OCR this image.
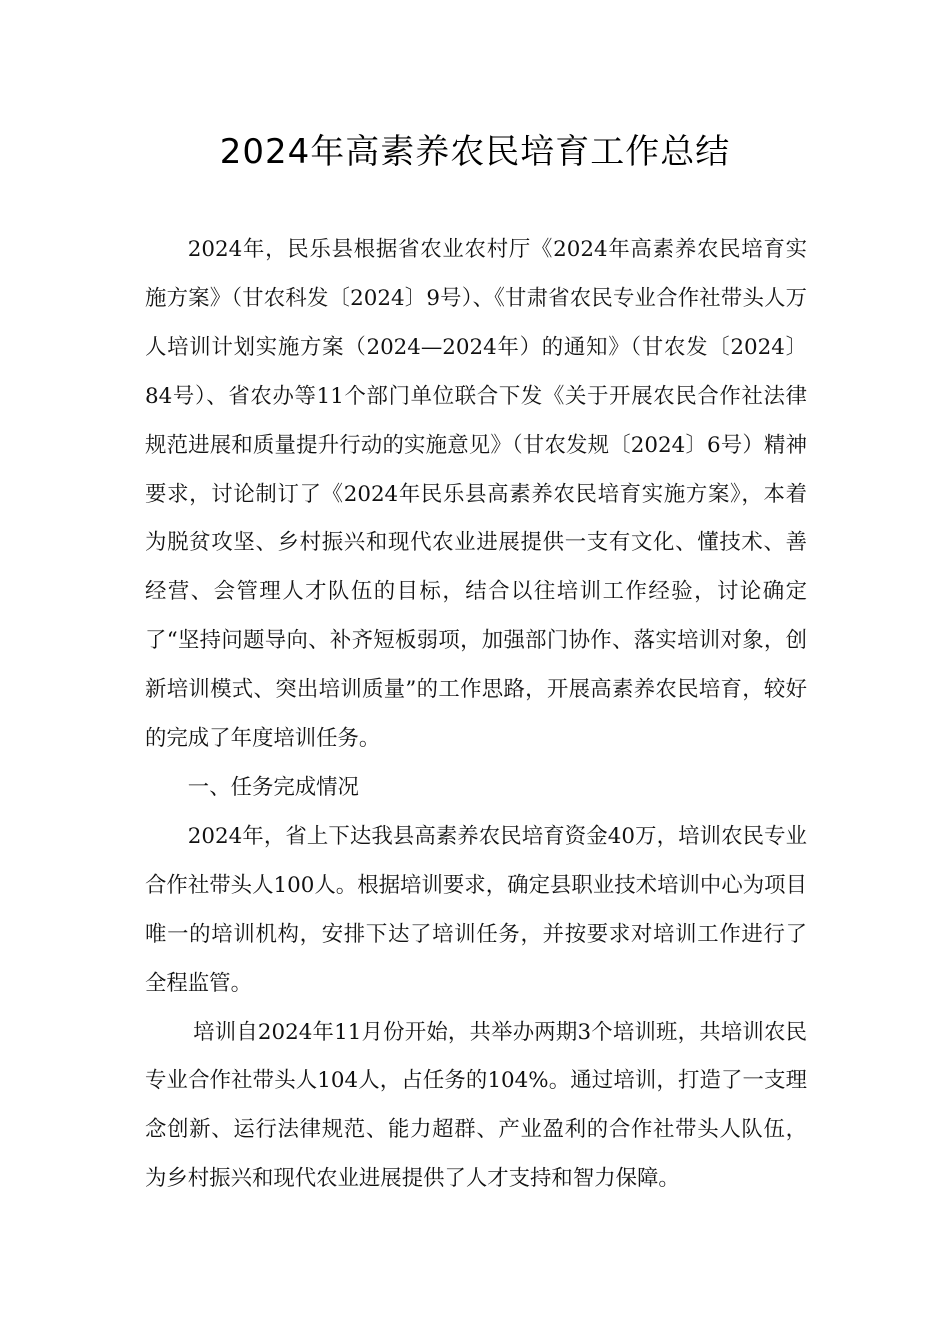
2024年高素养农民培育工作总结

2024年，民乐县根据省农业农村厅《2024年高素养农民培育实施方案》（甘农科发〔2024〕9号）、《甘肃省农民专业合作社带头人万人培训计划实施方案（2024—2024年）的通知》（甘农发〔2024〕84号）、省农办等11个部门单位联合下发《关于开展农民合作社法律规范进展和质量提升行动的实施意见》（甘农发规〔2024〕6号）精神要求，讨论制订了《2024年民乐县高素养农民培育实施方案》，本着为脱贫攻坚、乡村振兴和现代农业进展提供一支有文化、懂技术、善经营、会管理人才队伍的目标，结合以往培训工作经验，讨论确定了“坚持问题导向、补齐短板弱项，加强部门协作、落实培训对象，创新培训模式、突出培训质量”的工作思路，开展高素养农民培育，较好的完成了年度培训任务。

一、任务完成情况

2024年，省上下达我县高素养农民培育资金40万，培训农民专业合作社带头人100人。根据培训要求，确定县职业技术培训中心为项目唯一的培训机构，安排下达了培训任务，并按要求对培训工作进行了全程监管。

培训自2024年11月份开始，共举办两期3个培训班，共培训农民专业合作社带头人104人，占任务的104%。通过培训，打造了一支理念创新、运行法律规范、能力超群、产业盈利的合作社带头人队伍，为乡村振兴和现代农业进展提供了人才支持和智力保障。
